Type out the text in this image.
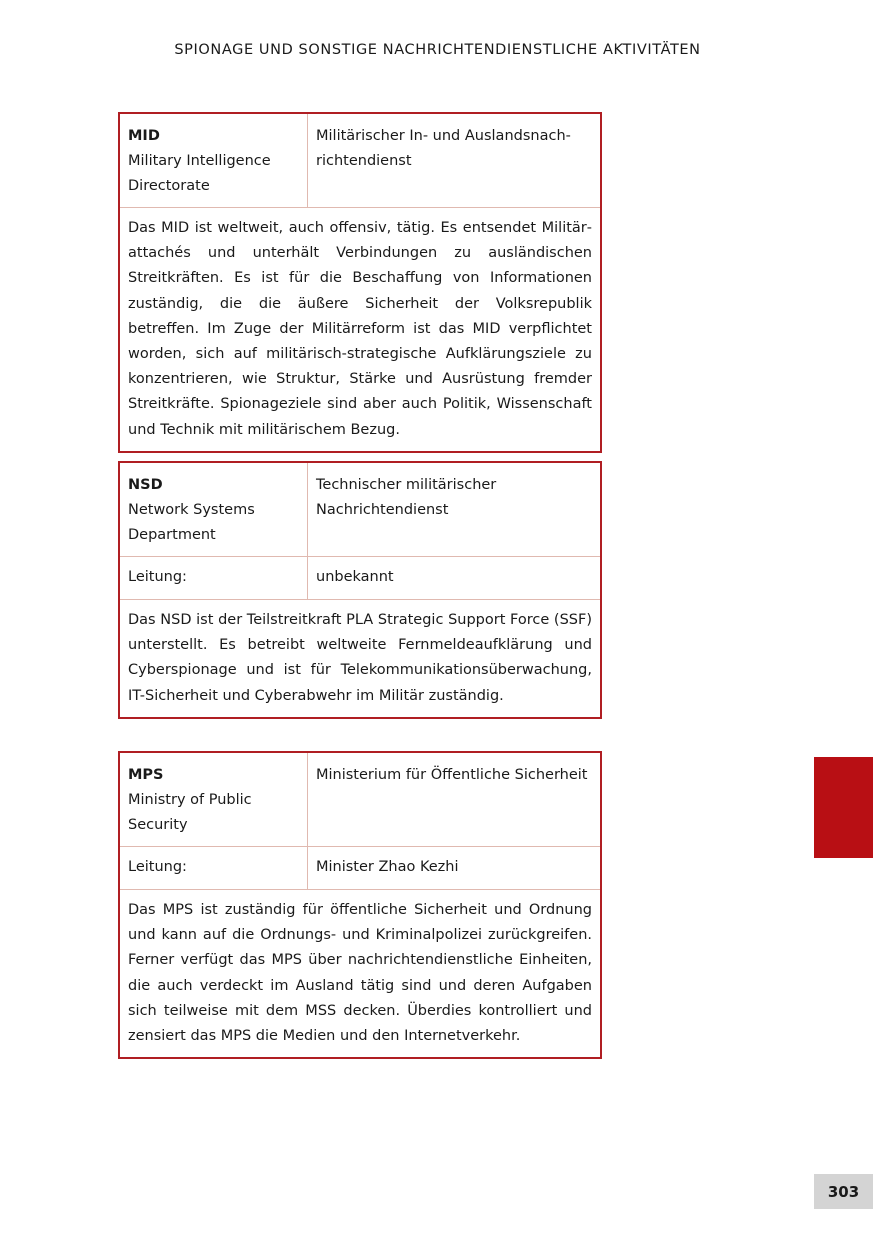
SPIONAGE UND SONSTIGE NACHRICHTENDIENSTLICHE AKTIVITÄTEN
MID
Military Intelligence Directorate
Militärischer In- und Auslandsnachrichtendienst
Das MID ist weltweit, auch offensiv, tätig. Es entsendet Militärattachés und unterhält Verbindungen zu ausländischen Streitkräften. Es ist für die Beschaffung von Informationen zuständig, die die äußere Sicherheit der Volksrepublik betreffen. Im Zuge der Militärreform ist das MID verpflichtet worden, sich auf militärisch-strategische Aufklärungsziele zu konzentrieren, wie Struktur, Stärke und Ausrüstung fremder Streitkräfte. Spionageziele sind aber auch Politik, Wissenschaft und Technik mit militärischem Bezug.
NSD
Network Systems Department
Technischer militärischer Nachrichtendienst
Leitung:	unbekannt
Das NSD ist der Teilstreitkraft PLA Strategic Support Force (SSF) unterstellt. Es betreibt weltweite Fernmeldeaufklärung und Cyberspionage und ist für Telekommunikationsüberwachung, IT-Sicherheit und Cyberabwehr im Militär zuständig.
MPS
Ministry of Public Security
Ministerium für Öffentliche Sicherheit
Leitung:	Minister Zhao Kezhi
Das MPS ist zuständig für öffentliche Sicherheit und Ordnung und kann auf die Ordnungs- und Kriminalpolizei zurückgreifen. Ferner verfügt das MPS über nachrichtendienstliche Einheiten, die auch verdeckt im Ausland tätig sind und deren Aufgaben sich teilweise mit dem MSS decken. Überdies kontrolliert und zensiert das MPS die Medien und den Internetverkehr.
303
